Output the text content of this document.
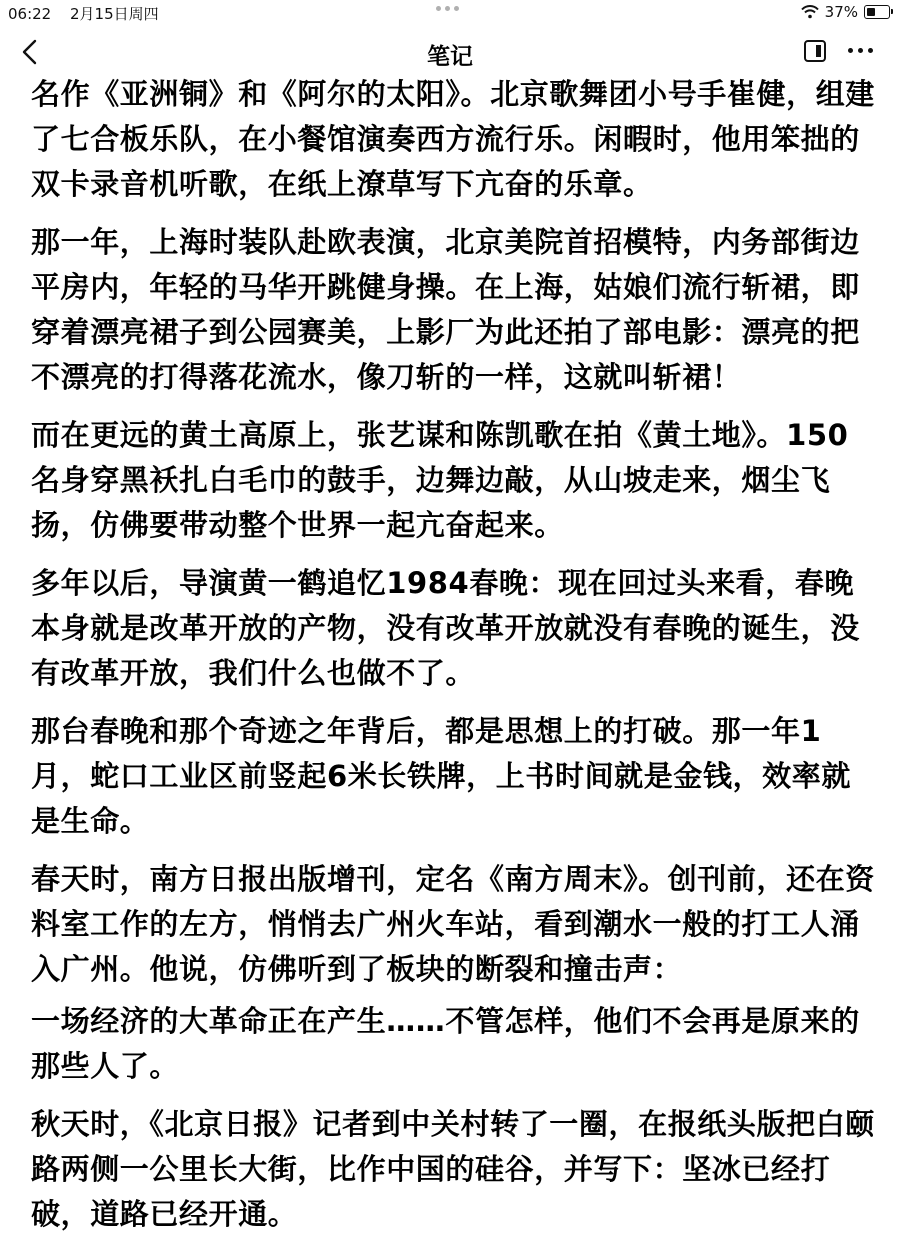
06:22 2月15日周四	37%
笔记

名作《亚洲铜》和《阿尔的太阳》。北京歌舞团小号手崔健，组建了七合板乐队，在小餐馆演奏西方流行乐。闲暇时，他用笨拙的双卡录音机听歌，在纸上潦草写下亢奋的乐章。

那一年，上海时装队赴欧表演，北京美院首招模特，内务部街边平房内，年轻的马华开跳健身操。在上海，姑娘们流行斩裙，即穿着漂亮裙子到公园赛美，上影厂为此还拍了部电影：漂亮的把不漂亮的打得落花流水，像刀斩的一样，这就叫斩裙！

而在更远的黄土高原上，张艺谋和陈凯歌在拍《黄土地》。150名身穿黑袄扎白毛巾的鼓手，边舞边敲，从山坡走来，烟尘飞扬，仿佛要带动整个世界一起亢奋起来。

多年以后，导演黄一鹤追忆1984春晚：现在回过头来看，春晚本身就是改革开放的产物，没有改革开放就没有春晚的诞生，没有改革开放，我们什么也做不了。

那台春晚和那个奇迹之年背后，都是思想上的打破。那一年1月，蛇口工业区前竖起6米长铁牌，上书时间就是金钱，效率就是生命。

春天时，南方日报出版增刊，定名《南方周末》。创刊前，还在资料室工作的左方，悄悄去广州火车站，看到潮水一般的打工人涌入广州。他说，仿佛听到了板块的断裂和撞击声：

一场经济的大革命正在产生……不管怎样，他们不会再是原来的那些人了。

秋天时，《北京日报》记者到中关村转了一圈，在报纸头版把白颐路两侧一公里长大街，比作中国的硅谷，并写下：坚冰已经打破，道路已经开通。
